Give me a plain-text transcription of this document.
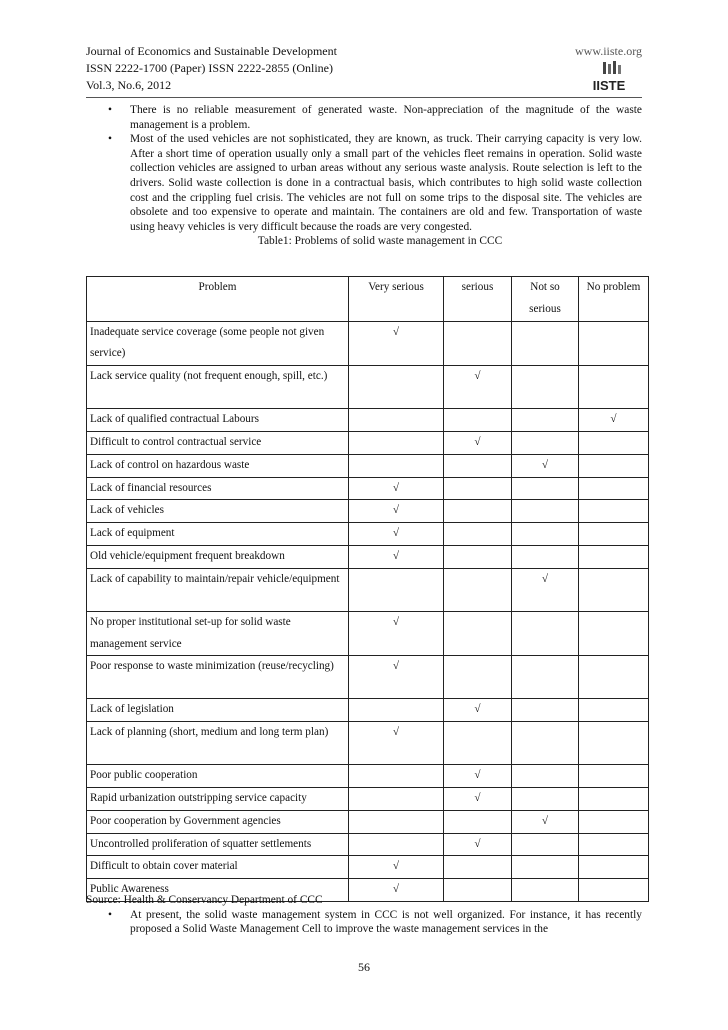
Journal of Economics and Sustainable Development	www.iiste.org
ISSN 2222-1700 (Paper) ISSN 2222-2855 (Online)
Vol.3, No.6, 2012	IISTE
• There is no reliable measurement of generated waste. Non-appreciation of the magnitude of the waste management is a problem.
• Most of the used vehicles are not sophisticated, they are known, as truck. Their carrying capacity is very low. After a short time of operation usually only a small part of the vehicles fleet remains in operation. Solid waste collection vehicles are assigned to urban areas without any serious waste analysis. Route selection is left to the drivers. Solid waste collection is done in a contractual basis, which contributes to high solid waste collection cost and the crippling fuel crisis. The vehicles are not full on some trips to the disposal site. The vehicles are obsolete and too expensive to operate and maintain. The containers are old and few. Transportation of waste using heavy vehicles is very difficult because the roads are very congested.
Table1: Problems of solid waste management in CCC
Problem	Very serious	serious	Not so serious	No problem
Inadequate service coverage (some people not given service)	√			
Lack service quality (not frequent enough, spill, etc.)		√		
Lack of qualified contractual Labours				√
Difficult to control contractual service		√		
Lack of control on hazardous waste			√	
Lack of financial resources	√			
Lack of vehicles	√			
Lack of equipment	√			
Old vehicle/equipment frequent breakdown	√			
Lack of capability to maintain/repair vehicle/equipment			√	
No proper institutional set-up for solid waste management service	√			
Poor response to waste minimization (reuse/recycling)	√			
Lack of legislation		√		
Lack of planning (short, medium and long term plan)	√			
Poor public cooperation		√		
Rapid urbanization outstripping service capacity		√		
Poor cooperation by Government agencies			√	
Uncontrolled proliferation of squatter settlements		√		
Difficult to obtain cover material	√			
Public Awareness	√			
Source: Health & Conservancy Department of CCC
• At present, the solid waste management system in CCC is not well organized. For instance, it has recently proposed a Solid Waste Management Cell to improve the waste management services in the
56
